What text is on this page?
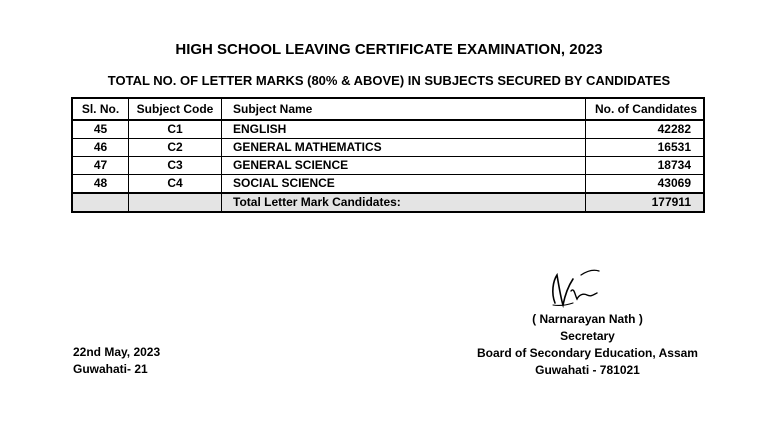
HIGH SCHOOL LEAVING CERTIFICATE EXAMINATION, 2023
TOTAL NO. OF LETTER MARKS (80% & ABOVE) IN SUBJECTS SECURED BY CANDIDATES
Sl. No.	Subject Code	Subject Name	No. of Candidates
45	C1	ENGLISH	42282
46	C2	GENERAL MATHEMATICS	16531
47	C3	GENERAL SCIENCE	18734
48	C4	SOCIAL SCIENCE	43069
		Total Letter Mark Candidates:	177911
( Narnarayan Nath )
Secretary
Board of Secondary Education, Assam
Guwahati - 781021
22nd May, 2023
Guwahati- 21
